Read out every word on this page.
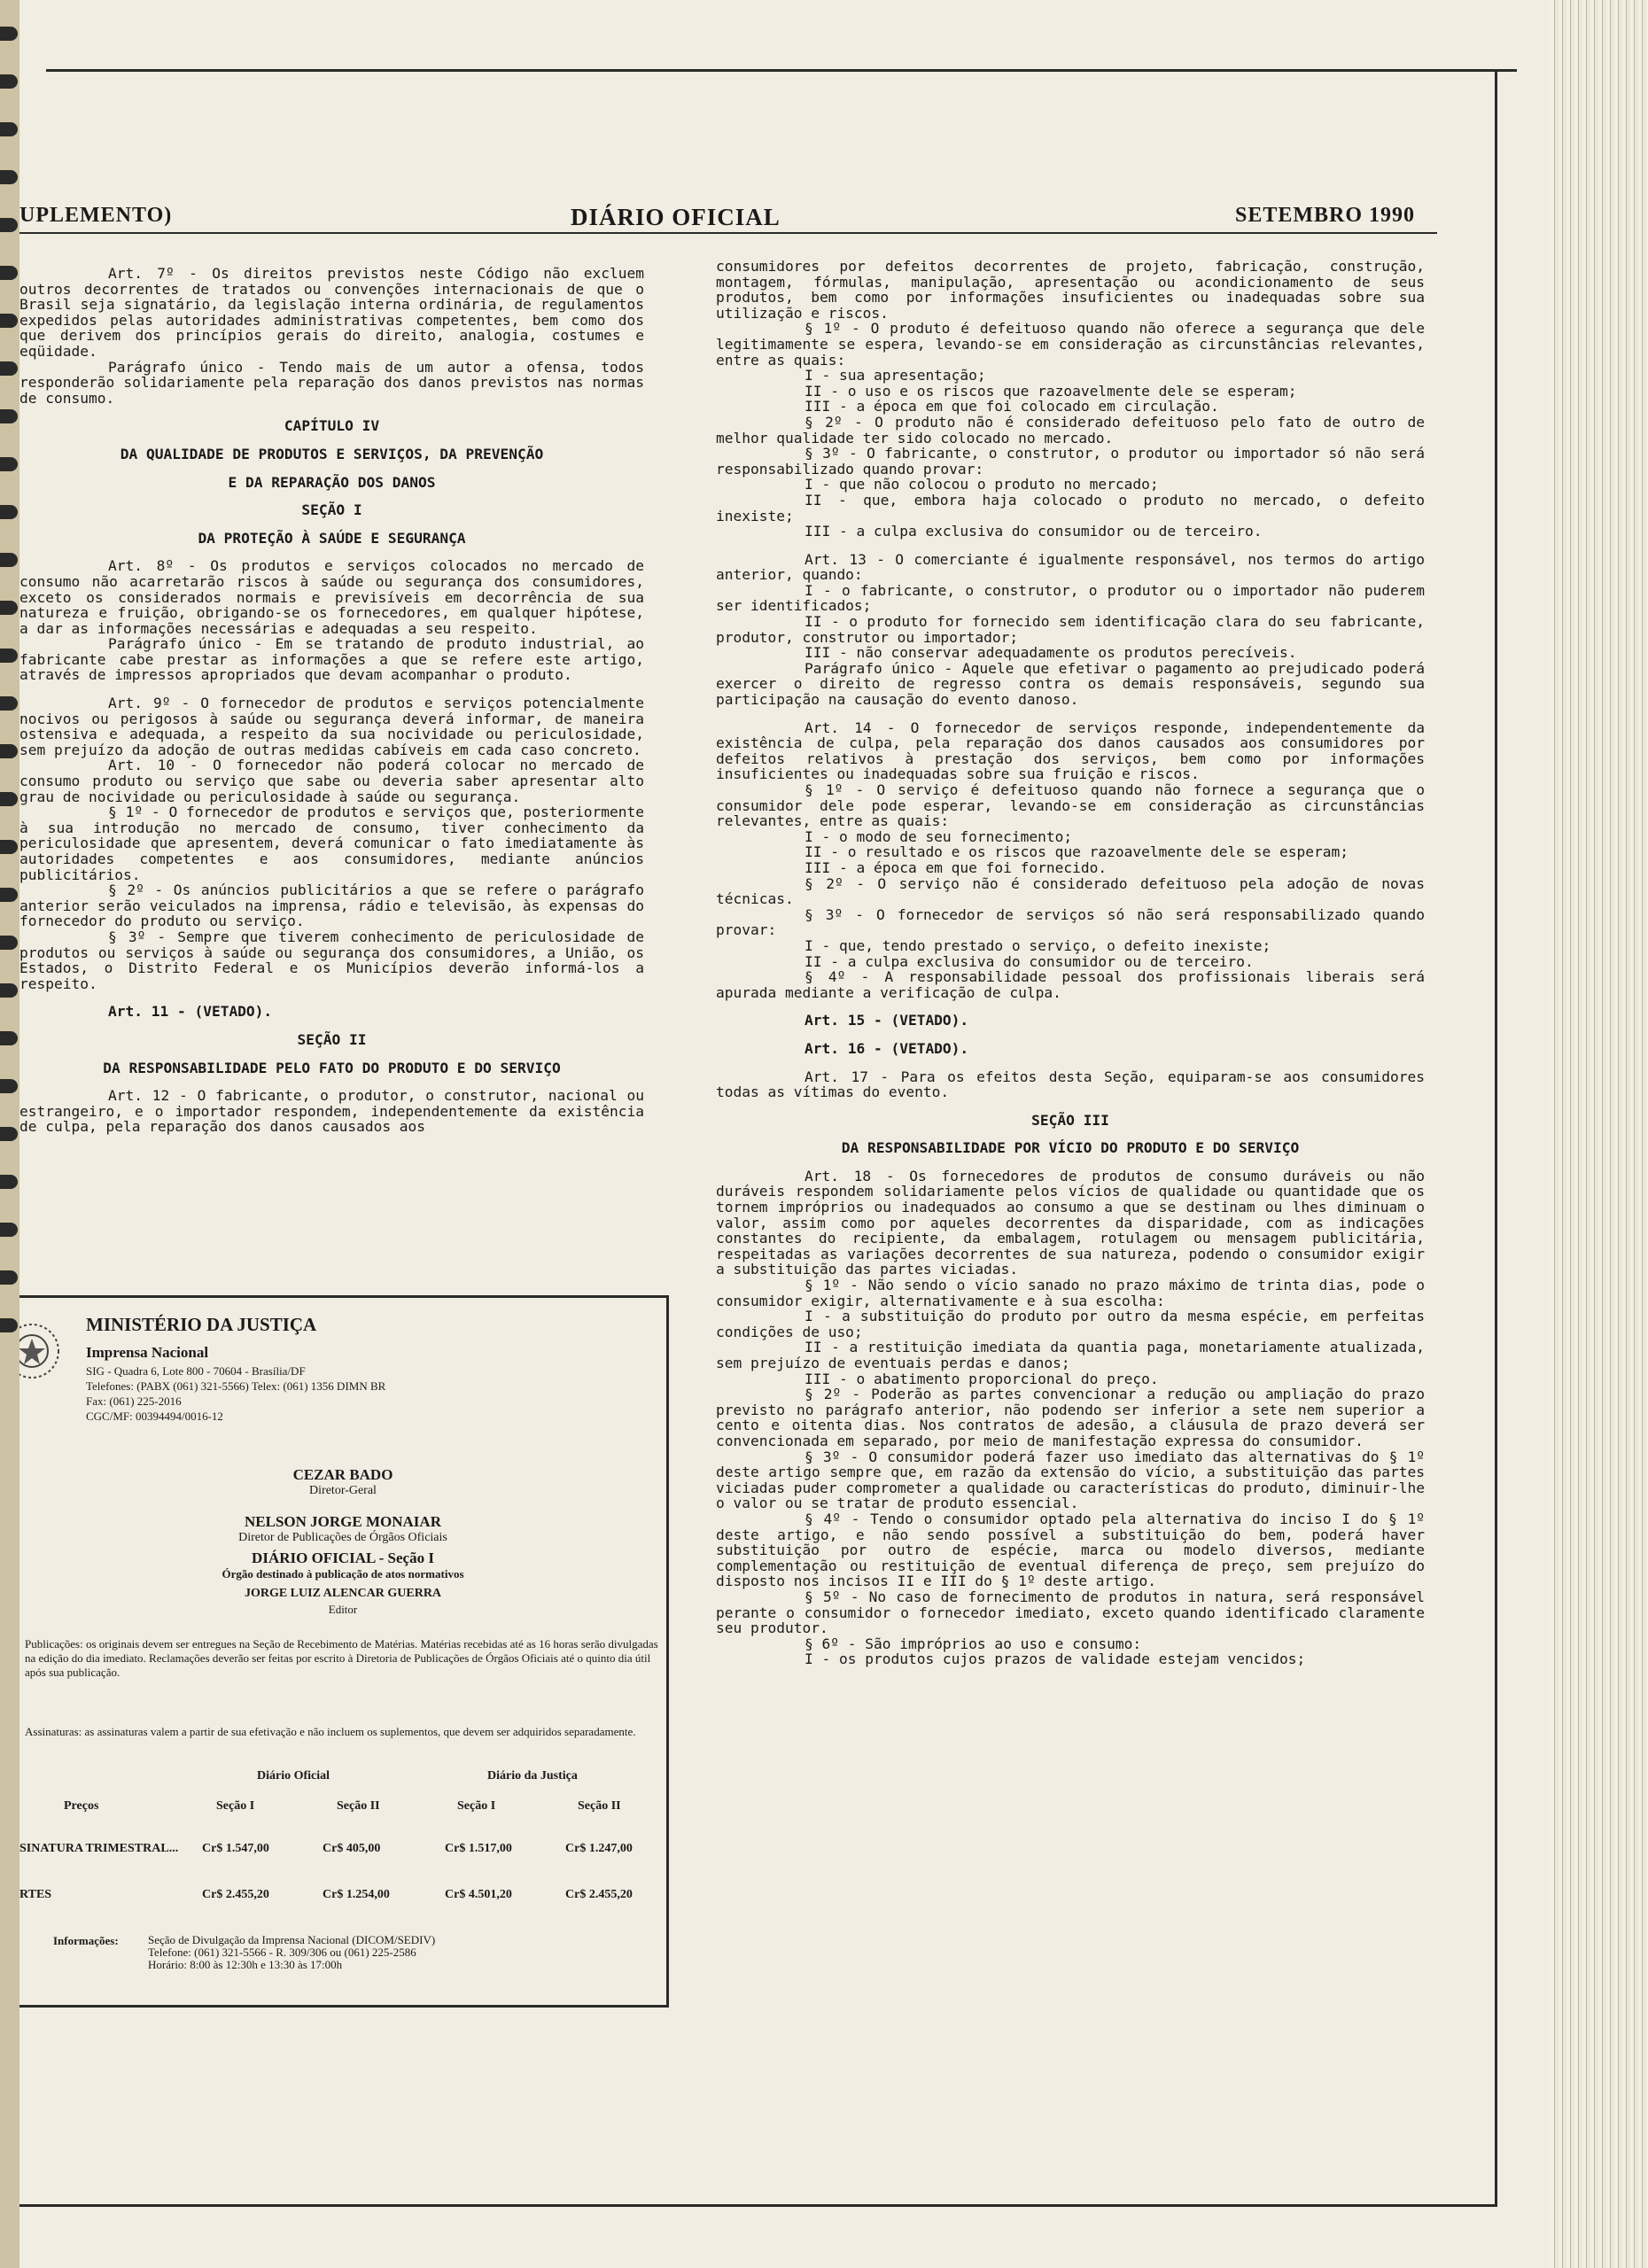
UPLEMENTO)	DIÁRIO OFICIAL	SETEMBRO 1990

Art. 7º - Os direitos previstos neste Código não excluem outros decorrentes de tratados ou convenções internacionais de que o Brasil seja signatário, da legislação interna ordinária, de regulamentos expedidos pelas autoridades administrativas competentes, bem como dos que derivem dos princípios gerais do direito, analogia, costumes e eqüidade.

Parágrafo único - Tendo mais de um autor a ofensa, todos responderão solidariamente pela reparação dos danos previstos nas normas de consumo.

CAPÍTULO IV

DA QUALIDADE DE PRODUTOS E SERVIÇOS, DA PREVENÇÃO

E DA REPARAÇÃO DOS DANOS

SEÇÃO I

DA PROTEÇÃO À SAÚDE E SEGURANÇA

Art. 8º - Os produtos e serviços colocados no mercado de consumo não acarretarão riscos à saúde ou segurança dos consumidores, exceto os considerados normais e previsíveis em decorrência de sua natureza e fruição, obrigando-se os fornecedores, em qualquer hipótese, a dar as informações necessárias e adequadas a seu respeito.

Parágrafo único - Em se tratando de produto industrial, ao fabricante cabe prestar as informações a que se refere este artigo, através de impressos apropriados que devam acompanhar o produto.

Art. 9º - O fornecedor de produtos e serviços potencialmente nocivos ou perigosos à saúde ou segurança deverá informar, de maneira ostensiva e adequada, a respeito da sua nocividade ou periculosidade, sem prejuízo da adoção de outras medidas cabíveis em cada caso concreto.

Art. 10 - O fornecedor não poderá colocar no mercado de consumo produto ou serviço que sabe ou deveria saber apresentar alto grau de nocividade ou periculosidade à saúde ou segurança.

§ 1º - O fornecedor de produtos e serviços que, posteriormente à sua introdução no mercado de consumo, tiver conhecimento da periculosidade que apresentem, deverá comunicar o fato imediatamente às autoridades competentes e aos consumidores, mediante anúncios publicitários.

§ 2º - Os anúncios publicitários a que se refere o parágrafo anterior serão veiculados na imprensa, rádio e televisão, às expensas do fornecedor do produto ou serviço.

§ 3º - Sempre que tiverem conhecimento de periculosidade de produtos ou serviços à saúde ou segurança dos consumidores, a União, os Estados, o Distrito Federal e os Municípios deverão informá-los a respeito.

Art. 11 - (VETADO).

SEÇÃO II

DA RESPONSABILIDADE PELO FATO DO PRODUTO E DO SERVIÇO

Art. 12 - O fabricante, o produtor, o construtor, nacional ou estrangeiro, e o importador respondem, independentemente da existência de culpa, pela reparação dos danos causados aos

consumidores por defeitos decorrentes de projeto, fabricação, construção, montagem, fórmulas, manipulação, apresentação ou acondicionamento de seus produtos, bem como por informações insuficientes ou inadequadas sobre sua utilização e riscos.

§ 1º - O produto é defeituoso quando não oferece a segurança que dele legitimamente se espera, levando-se em consideração as circunstâncias relevantes, entre as quais:

I - sua apresentação;

II - o uso e os riscos que razoavelmente dele se esperam;

III - a época em que foi colocado em circulação.

§ 2º - O produto não é considerado defeituoso pelo fato de outro de melhor qualidade ter sido colocado no mercado.

§ 3º - O fabricante, o construtor, o produtor ou importador só não será responsabilizado quando provar:

I - que não colocou o produto no mercado;

II - que, embora haja colocado o produto no mercado, o defeito inexiste;

III - a culpa exclusiva do consumidor ou de terceiro.

Art. 13 - O comerciante é igualmente responsável, nos termos do artigo anterior, quando:

I - o fabricante, o construtor, o produtor ou o importador não puderem ser identificados;

II - o produto for fornecido sem identificação clara do seu fabricante, produtor, construtor ou importador;

III - não conservar adequadamente os produtos perecíveis.

Parágrafo único - Aquele que efetivar o pagamento ao prejudicado poderá exercer o direito de regresso contra os demais responsáveis, segundo sua participação na causação do evento danoso.

Art. 14 - O fornecedor de serviços responde, independentemente da existência de culpa, pela reparação dos danos causados aos consumidores por defeitos relativos à prestação dos serviços, bem como por informações insuficientes ou inadequadas sobre sua fruição e riscos.

§ 1º - O serviço é defeituoso quando não fornece a segurança que o consumidor dele pode esperar, levando-se em consideração as circunstâncias relevantes, entre as quais:

I - o modo de seu fornecimento;

II - o resultado e os riscos que razoavelmente dele se esperam;

III - a época em que foi fornecido.

§ 2º - O serviço não é considerado defeituoso pela adoção de novas técnicas.

§ 3º - O fornecedor de serviços só não será responsabilizado quando provar:

I - que, tendo prestado o serviço, o defeito inexiste;

II - a culpa exclusiva do consumidor ou de terceiro.

§ 4º - A responsabilidade pessoal dos profissionais liberais será apurada mediante a verificação de culpa.

Art. 15 - (VETADO).

Art. 16 - (VETADO).

Art. 17 - Para os efeitos desta Seção, equiparam-se aos consumidores todas as vítimas do evento.

SEÇÃO III

DA RESPONSABILIDADE POR VÍCIO DO PRODUTO E DO SERVIÇO

Art. 18 - Os fornecedores de produtos de consumo duráveis ou não duráveis respondem solidariamente pelos vícios de qualidade ou quantidade que os tornem impróprios ou inadequados ao consumo a que se destinam ou lhes diminuam o valor, assim como por aqueles decorrentes da disparidade, com as indicações constantes do recipiente, da embalagem, rotulagem ou mensagem publicitária, respeitadas as variações decorrentes de sua natureza, podendo o consumidor exigir a substituição das partes viciadas.

§ 1º - Não sendo o vício sanado no prazo máximo de trinta dias, pode o consumidor exigir, alternativamente e à sua escolha:

I - a substituição do produto por outro da mesma espécie, em perfeitas condições de uso;

II - a restituição imediata da quantia paga, monetariamente atualizada, sem prejuízo de eventuais perdas e danos;

III - o abatimento proporcional do preço.

§ 2º - Poderão as partes convencionar a redução ou ampliação do prazo previsto no parágrafo anterior, não podendo ser inferior a sete nem superior a cento e oitenta dias. Nos contratos de adesão, a cláusula de prazo deverá ser convencionada em separado, por meio de manifestação expressa do consumidor.

§ 3º - O consumidor poderá fazer uso imediato das alternativas do § 1º deste artigo sempre que, em razão da extensão do vício, a substituição das partes viciadas puder comprometer a qualidade ou características do produto, diminuir-lhe o valor ou se tratar de produto essencial.

§ 4º - Tendo o consumidor optado pela alternativa do inciso I do § 1º deste artigo, e não sendo possível a substituição do bem, poderá haver substituição por outro de espécie, marca ou modelo diversos, mediante complementação ou restituição de eventual diferença de preço, sem prejuízo do disposto nos incisos II e III do § 1º deste artigo.

§ 5º - No caso de fornecimento de produtos in natura, será responsável perante o consumidor o fornecedor imediato, exceto quando identificado claramente seu produtor.

§ 6º - São impróprios ao uso e consumo:

I - os produtos cujos prazos de validade estejam vencidos;

MINISTÉRIO DA JUSTIÇA
Imprensa Nacional
SIG - Quadra 6, Lote 800 - 70604 - Brasília/DF
Telefones: (PABX (061) 321-5566) Telex: (061) 1356 DIMN BR
Fax: (061) 225-2016
CGC/MF: 00394494/0016-12
CEZAR BADO
Diretor-Geral
NELSON JORGE MONAIAR
Diretor de Publicações de Órgãos Oficiais
DIÁRIO OFICIAL - Seção I
Órgão destinado à publicação de atos normativos
JORGE LUIZ ALENCAR GUERRA
Editor
Publicações: os originais devem ser entregues na Seção de Recebimento de Matérias. Matérias recebidas até as 16 horas serão divulgadas na edição do dia imediato. Reclamações deverão ser feitas por escrito à Diretoria de Publicações de Órgãos Oficiais até o quinto dia útil após sua publicação.
Assinaturas: as assinaturas valem a partir de sua efetivação e não incluem os suplementos, que devem ser adquiridos separadamente.
Diário Oficial	Diário da Justiça
Preços	Seção I	Seção II	Seção I	Seção II
SINATURA TRIMESTRAL... Cr$ 1.547,00	Cr$ 405,00	Cr$ 1.517,00	Cr$ 1.247,00
RTES	Cr$ 2.455,20	Cr$ 1.254,00	Cr$ 4.501,20	Cr$ 2.455,20
Informações:	Seção de Divulgação da Imprensa Nacional (DICOM/SEDIV)
Telefone: (061) 321-5566 - R. 309/306 ou (061) 225-2586
Horário: 8:00 às 12:30h e 13:30 às 17:00h
